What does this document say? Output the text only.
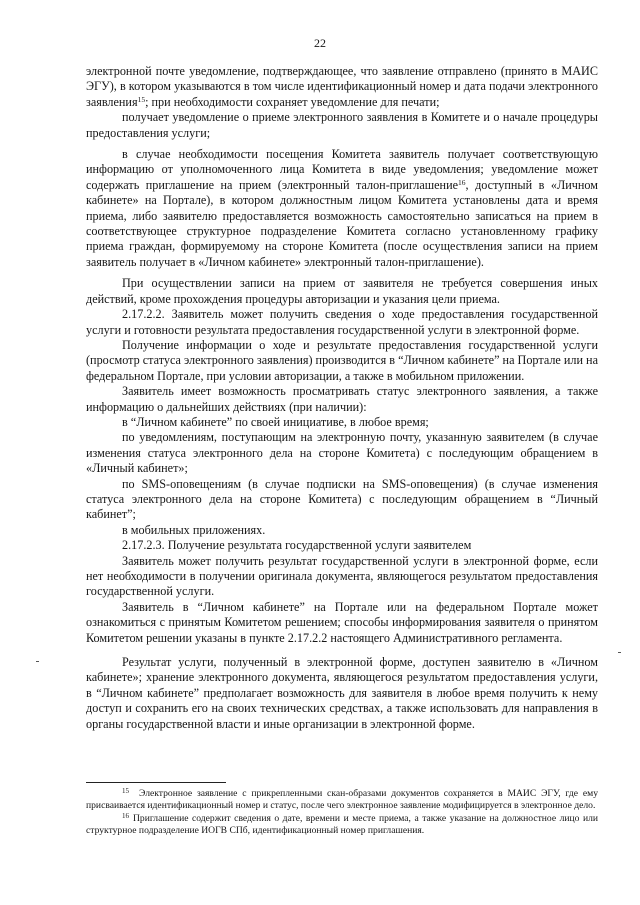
22

электронной почте уведомление, подтверждающее, что заявление отправлено (принято в МАИС ЭГУ), в котором указываются в том числе идентификационный номер и дата подачи электронного заявления$^{15}$; при необходимости сохраняет уведомление для печати;

получает уведомление о приеме электронного заявления в Комитете и о начале процедуры предоставления услуги;

в случае необходимости посещения Комитета заявитель получает соответствующую информацию от уполномоченного лица Комитета в виде уведомления; уведомление может содержать приглашение на прием (электронный талон-приглашение$^{16}$, доступный в «Личном кабинете» на Портале), в котором должностным лицом Комитета установлены дата и время приема, либо заявителю предоставляется возможность самостоятельно записаться на прием в соответствующее структурное подразделение Комитета согласно установленному графику приема граждан, формируемому на стороне Комитета (после осуществления записи на прием заявитель получает в «Личном кабинете» электронный талон-приглашение).

При осуществлении записи на прием от заявителя не требуется совершения иных действий, кроме прохождения процедуры авторизации и указания цели приема.

2.17.2.2. Заявитель может получить сведения о ходе предоставления государственной услуги и готовности результата предоставления государственной услуги в электронной форме.

Получение информации о ходе и результате предоставления государственной услуги (просмотр статуса электронного заявления) производится в “Личном кабинете” на Портале или на федеральном Портале, при условии авторизации, а также в мобильном приложении.

Заявитель имеет возможность просматривать статус электронного заявления, а также информацию о дальнейших действиях (при наличии):

в “Личном кабинете” по своей инициативе, в любое время;

по уведомлениям, поступающим на электронную почту, указанную заявителем (в случае изменения статуса электронного дела на стороне Комитета) с последующим обращением в «Личный кабинет»;

по SMS-оповещениям (в случае подписки на SMS-оповещения) (в случае изменения статуса электронного дела на стороне Комитета) с последующим обращением в “Личный кабинет”;

в мобильных приложениях.

2.17.2.3. Получение результата государственной услуги заявителем

Заявитель может получить результат государственной услуги в электронной форме, если нет необходимости в получении оригинала документа, являющегося результатом предоставления государственной услуги.

Заявитель в “Личном кабинете” на Портале или на федеральном Портале может ознакомиться с принятым Комитетом решением; способы информирования заявителя о принятом Комитетом решении указаны в пункте 2.17.2.2 настоящего Административного регламента.

Результат услуги, полученный в электронной форме, доступен заявителю в «Личном кабинете»; хранение электронного документа, являющегося результатом предоставления услуги, в “Личном кабинете” предполагает возможность для заявителя в любое время получить к нему доступ и сохранить его на своих технических средствах, а также использовать для направления в органы государственной власти и иные организации в электронной форме.

$^{15}$ Электронное заявление с прикрепленными скан-образами документов сохраняется в МАИС ЭГУ, где ему присваивается идентификационный номер и статус, после чего электронное заявление модифицируется в электронное дело.

$^{16}$ Приглашение содержит сведения о дате, времени и месте приема, а также указание на должностное лицо или структурное подразделение ИОГВ СПб, идентификационный номер приглашения.
